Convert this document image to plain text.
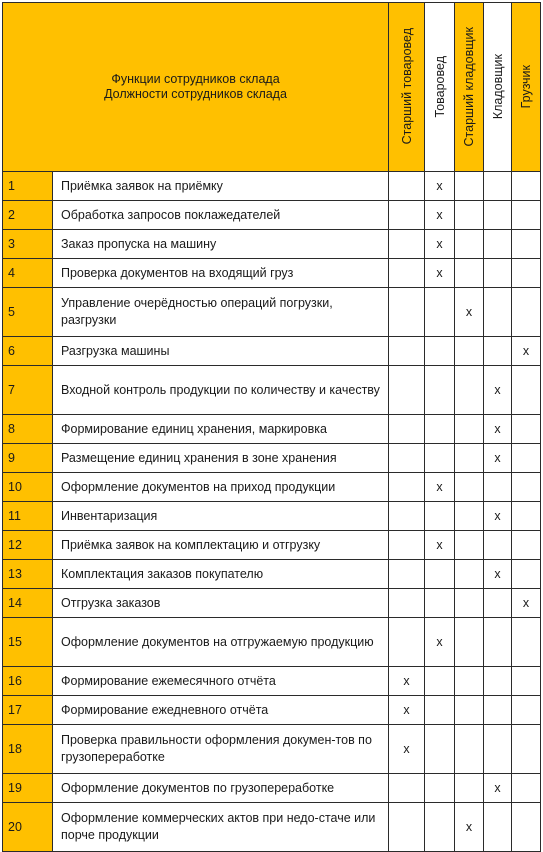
Функции сотрудников склада
Должности сотрудников склада		Старший товаровед	Товаровед	Старший кладовщик	Кладовщик	Грузчик
1	Приёмка заявок на приёмку		x			
2	Обработка запросов поклажедателей		x			
3	Заказ пропуска на машину		x			
4	Проверка документов на входящий груз		x			
5	Управление очерёдностью операций погрузки, разгрузки			x		
6	Разгрузка машины					x
7	Входной контроль продукции по количеству и качеству				x	
8	Формирование единиц хранения, маркировка				x	
9	Размещение единиц хранения в зоне хранения				x	
10	Оформление документов на приход продукции		x			
11	Инвентаризация				x	
12	Приёмка заявок на комплектацию и отгрузку		x			
13	Комплектация заказов покупателю				x	
14	Отгрузка заказов					x
15	Оформление документов на отгружаемую продукцию		x			
16	Формирование ежемесячного отчёта	x				
17	Формирование ежедневного отчёта	x				
18	Проверка правильности оформления докумен-тов по грузопереработке	x				
19	Оформление документов по грузопереработке				x	
20	Оформление коммерческих актов при недо-стаче или порче продукции			x		
